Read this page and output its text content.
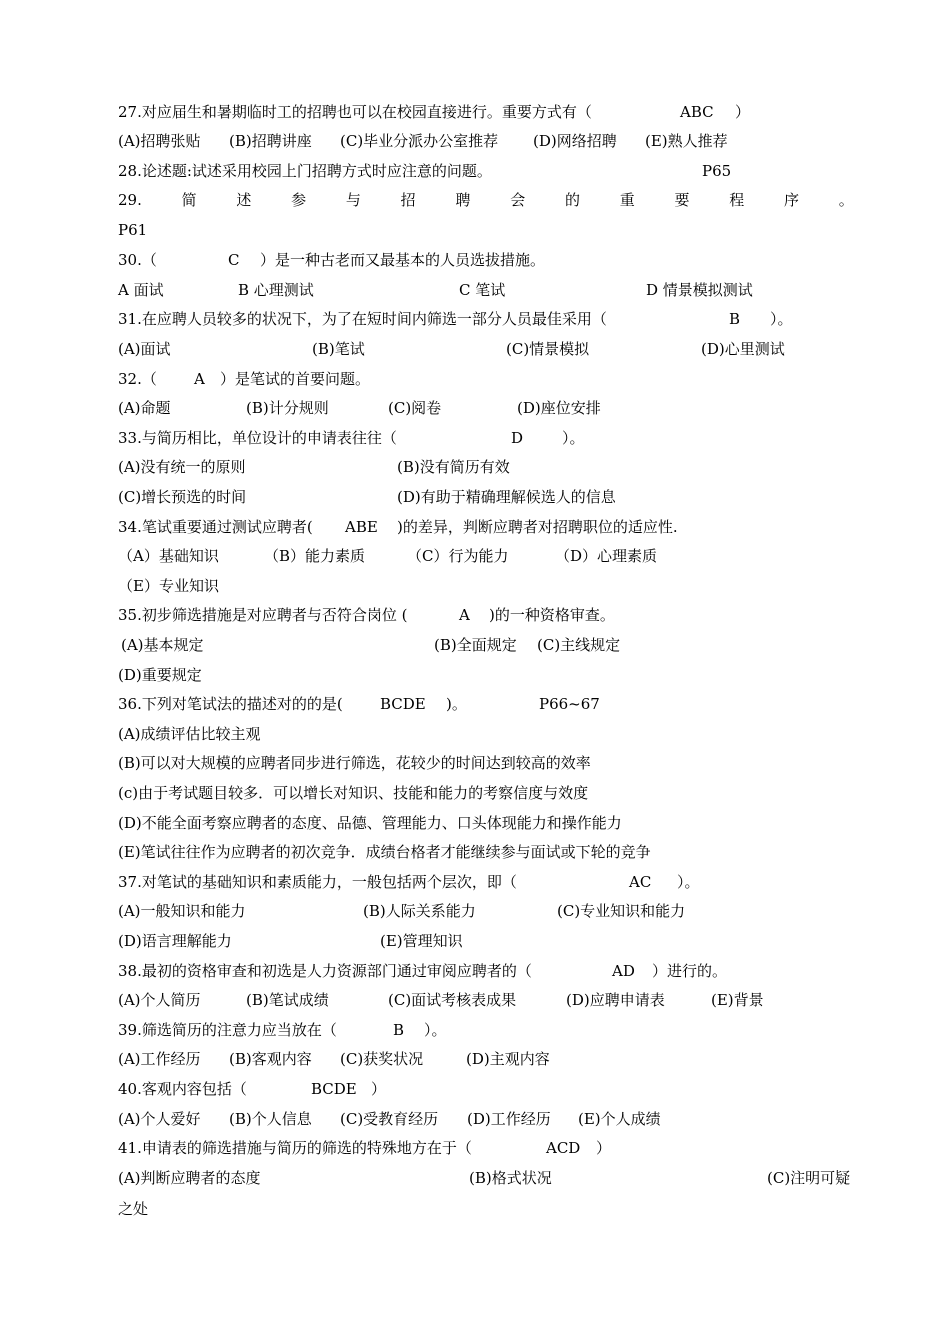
27.对应届生和暑期临时工的招聘也可以在校园直接进行。重要方式有（

	ABC

）

(A)招聘张贴

(B)招聘讲座

(C)毕业分派办公室推荐

(D)网络招聘

(E)熟人推荐

28.论述题:试述采用校园上门招聘方式时应注意的问题。

	P65

29.	简	述	参	与	招	聘	会	的	重	要	程	序	。

P61

30.（

	C

）是一种古老而又最基本的人员选拔措施。

A 面试

	B 心理测试

	C 笔试

	D 情景模拟测试

31.在应聘人员较多的状况下，为了在短时间内筛选一部分人员最佳采用（

	B

）。

(A)面试

	(B)笔试

	(C)情景模拟

	(D)心里测试

32.（

A

）是笔试的首要问题。

(A)命题

	(B)计分规则

	(C)阅卷

	(D)座位安排

33.与简历相比，单位设计的申请表往往（

	D

	）。

(A)没有统一的原则

	(B)没有简历有效

(C)增长预选的时间

	(D)有助于精确理解候选人的信息

34.笔试重要通过测试应聘者(

ABE

)的差异，判断应聘者对招聘职位的适应性.

（A）基础知识

	（B）能力素质

	（C）行为能力

	（D）心理素质

（E）专业知识

35.初步筛选措施是对应聘者与否符合岗位 (

	A

)的一种资格审查。

(A)基本规定

	(B)全面规定

(C)主线规定

(D)重要规定

36.下列对笔试法的描述对的的是(

BCDE

)。

	P66~67

(A)成绩评估比较主观

(B)可以对大规模的应聘者同步进行筛选，花较少的时间达到较高的效率

(c)由于考试题目较多．可以增长对知识、技能和能力的考察信度与效度

(D)不能全面考察应聘者的态度、品德、管理能力、口头体现能力和操作能力

(E)笔试往往作为应聘者的初次竞争．成绩台格者才能继续参与面试或下轮的竞争

37.对笔试的基础知识和素质能力，一般包括两个层次，即（

	AC

）。

(A)一般知识和能力

	(B)人际关系能力

	(C)专业知识和能力

(D)语言理解能力

	(E)管理知识

38.最初的资格审查和初选是人力资源部门通过审阅应聘者的（

	AD

）进行的。

(A)个人简历

	(B)笔试成绩

	(C)面试考核表成果

	(D)应聘申请表

	(E)背景

39.筛选简历的注意力应当放在（

	B

）。

(A)工作经历

(B)客观内容

(C)获奖状况

	(D)主观内容

40.客观内容包括（

	BCDE

）

(A)个人爱好

(B)个人信息

(C)受教育经历

(D)工作经历

(E)个人成绩

41.申请表的筛选措施与简历的筛选的特殊地方在于（

	ACD

）

(A)判断应聘者的态度

	(B)格式状况

	(C)注明可疑

之处
